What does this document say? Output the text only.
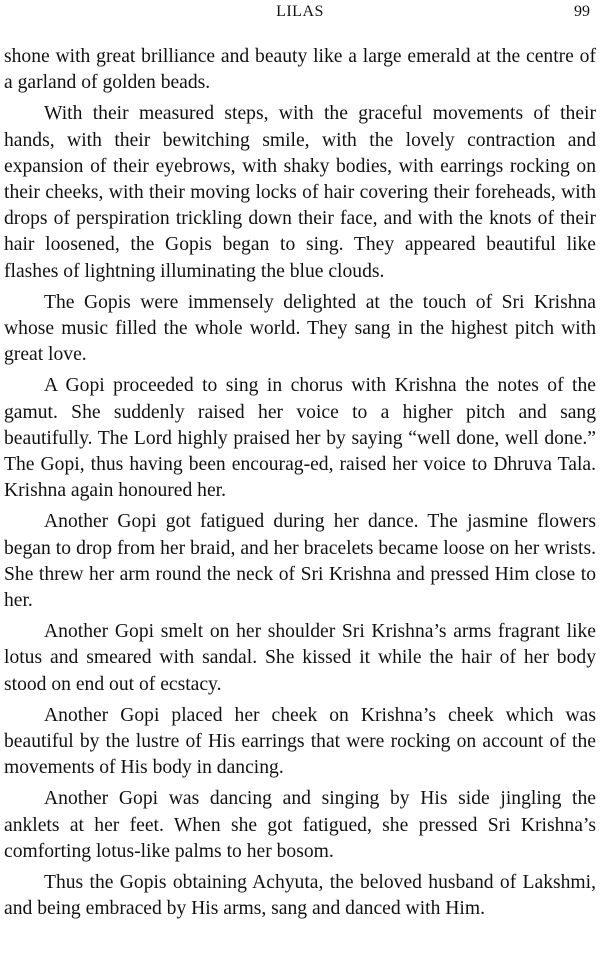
LILAS	99

shone with great brilliance and beauty like a large emerald at the centre of a garland of golden beads.

With their measured steps, with the graceful movements of their hands, with their bewitching smile, with the lovely contraction and expansion of their eyebrows, with shaky bodies, with earrings rocking on their cheeks, with their moving locks of hair covering their foreheads, with drops of perspiration trickling down their face, and with the knots of their hair loosened, the Gopis began to sing. They appeared beautiful like flashes of lightning illuminating the blue clouds.

The Gopis were immensely delighted at the touch of Sri Krishna whose music filled the whole world. They sang in the highest pitch with great love.

A Gopi proceeded to sing in chorus with Krishna the notes of the gamut. She suddenly raised her voice to a higher pitch and sang beautifully. The Lord highly praised her by saying “well done, well done.” The Gopi, thus having been encourag-ed, raised her voice to Dhruva Tala. Krishna again honoured her.

Another Gopi got fatigued during her dance. The jasmine flowers began to drop from her braid, and her bracelets became loose on her wrists. She threw her arm round the neck of Sri Krishna and pressed Him close to her.

Another Gopi smelt on her shoulder Sri Krishna’s arms fragrant like lotus and smeared with sandal. She kissed it while the hair of her body stood on end out of ecstacy.

Another Gopi placed her cheek on Krishna’s cheek which was beautiful by the lustre of His earrings that were rocking on account of the movements of His body in dancing.

Another Gopi was dancing and singing by His side jingling the anklets at her feet. When she got fatigued, she pressed Sri Krishna’s comforting lotus-like palms to her bosom.

Thus the Gopis obtaining Achyuta, the beloved husband of Lakshmi, and being embraced by His arms, sang and danced with Him.
